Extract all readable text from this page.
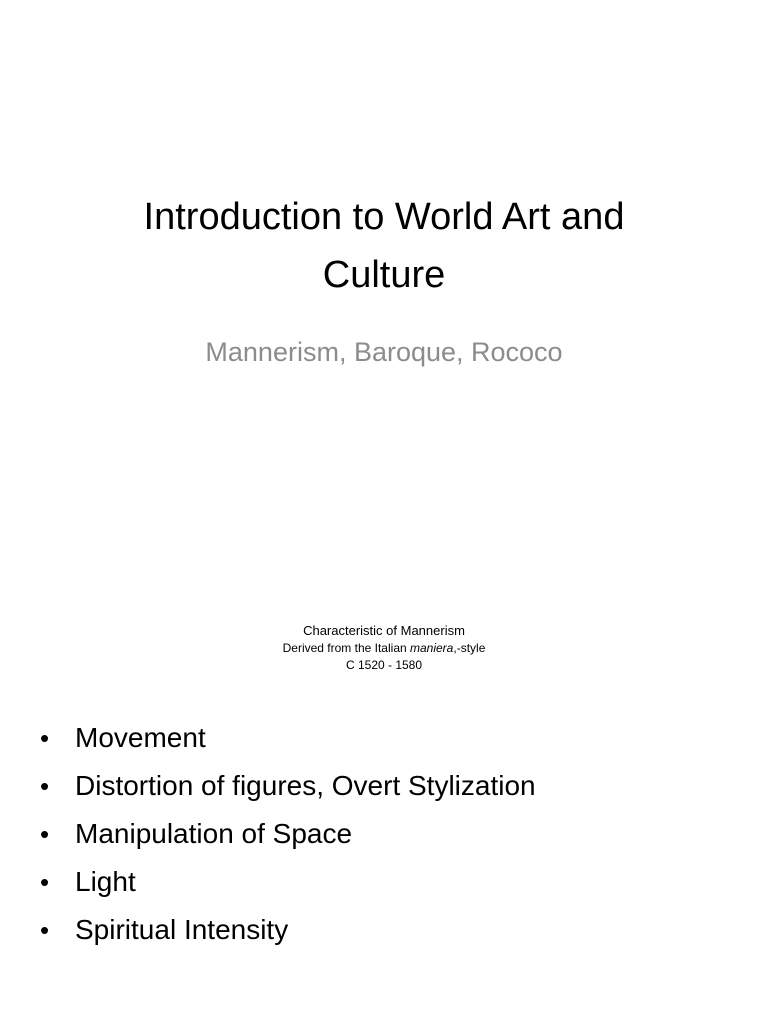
Introduction to World Art and
Culture

Mannerism, Baroque, Rococo

Characteristic of Mannerism
Derived from the Italian maniera,-style
C 1520 - 1580
• Movement
• Distortion of figures, Overt Stylization
• Manipulation of Space
• Light
• Spiritual Intensity
